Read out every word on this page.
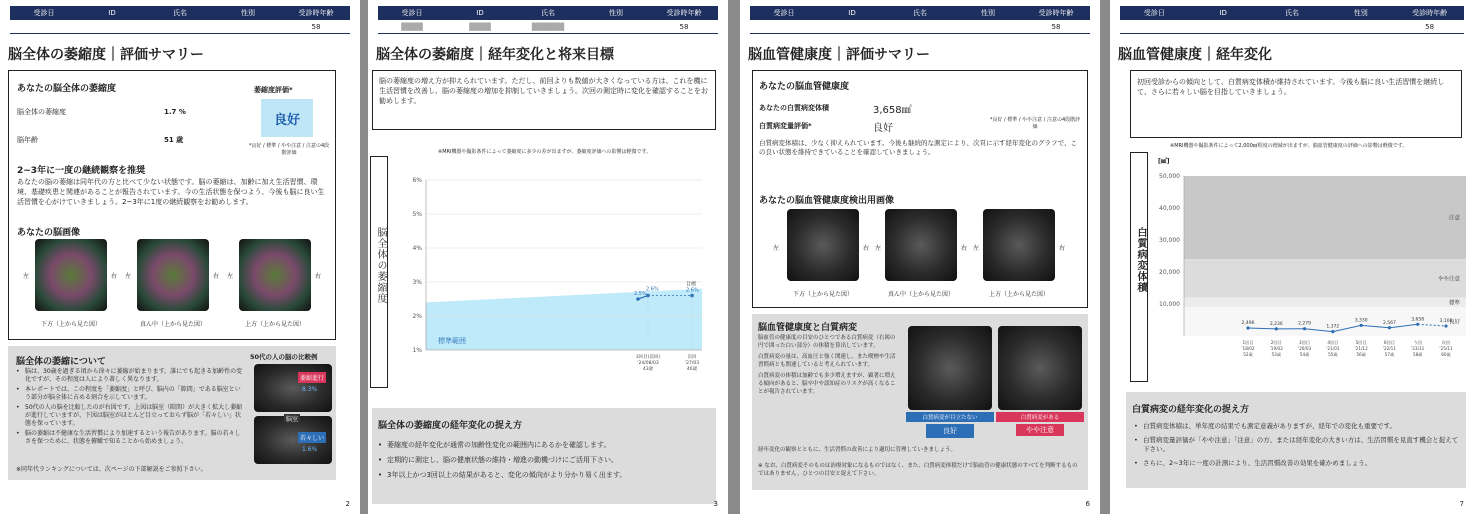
受診日	ID	氏名	性別	受診時年齢
58
脳全体の萎縮度｜評価サマリー
あなたの脳全体の萎縮度
脳全体の萎縮度	1.7 %
脳年齢	51 歳
萎縮度評価*
良好
*良好 / 標準 / やや注意 / 注意の4段階評価
2~3年に一度の継続観察を推奨
あなたの脳の萎縮は同年代の方と比べて少ない状態です。脳の萎縮は、加齢に加え生活習慣、環境、基礎疾患と関連があることが報告されています。今の生活状態を保つよう、今後も脳に良い生活習慣を心がけていきましょう。2~3年に1度の継続観察をお勧めします。
あなたの脳画像
左	右 左	右 左	右
下方（上から見た図）	真ん中（上から見た図）	上方（上から見た図）
脳全体の萎縮について
• 脳は、30歳を過ぎる頃から徐々に萎縮が始まります。誰にでも起きる加齢性の変化ですが、その程度は人により著しく異なります。
• 本レポートでは、この程度を「萎縮度」と呼び、脳内の「隙間」である脳室という部分が脳全体に占める割合を示しています。
• 50代の人の脳を比較したのが右図です。上図は脳室（隙間）が大きく拡大し萎縮が進行していますが、下図は脳室がほとんど目立っておらず脳が「若々しい」状態を保っています。
• 脳の萎縮は不健康な生活習慣により加速するという報告があります。脳の若々しさを保つために、状態を俯瞰で知ることから始めましょう。
※同年代ランキングについては、次ページの下部解説をご参照下さい。
50代の人の脳の比較例
萎縮進行
8.3%
脳室
若々しい
1.6%
2
受診日	ID	氏名	性別	受診時年齢
████	████	██████	58
脳全体の萎縮度｜経年変化と将来目標
脳の萎縮度の増え方が抑えられています。ただし、前回よりも数値が大きくなっている方は、これを機に生活習慣を改善し、脳の萎縮度の増加を抑制していきましょう。次回の測定時に変化を確認することをお勧めします。
※MRI機器や撮影条件によって萎縮度に多少の差が出ますが、萎縮度評価への影響は軽微です。
脳全体の萎縮度
1%
2%
3%
4%
5%
6%
2.5%
2.6%
目標
2.6%
3回目(前回)
'24/08/03
43歳
次回
'27/03
46歳
標準範囲
脳全体の萎縮度の経年変化の捉え方
• 萎縮度の経年変化が通常の加齢性変化の範囲内にあるかを確認します。
• 定期的に測定し、脳の健康状態の維持・増進の動機づけにご活用下さい。
• 3年以上かつ3回以上の結果があると、変化の傾向がより分かり易く出ます。
3
受診日	ID	氏名	性別	受診時年齢
58
脳血管健康度｜評価サマリー
あなたの脳血管健康度
あなたの白質病変体積	3,658㎣
白質病変量評価*	良好
*良好 / 標準 / やや注意 / 注意の4段階評価
白質病変体積は、少なく抑えられています。今後も継続的な測定により、次頁に示す経年変化のグラフで、この良い状態を維持できていることを確認していきましょう。
あなたの脳血管健康度検出用画像
左	右 左	右 左	右
下方（上から見た図）	真ん中（上から見た図）	上方（上から見た図）
脳血管健康度と白質病変

脳血管の健康度の目安のひとつである白質病変（右図の円で囲った白い部分）の体積を算出しています。

白質病変の量は、高血圧と強く関連し、また喫煙や生活習慣病とも関連していると考えられています。

白質病変の体積は加齢でも多少増えますが、顕著に増える傾向があると、脳卒中や認知症のリスクが高くなることが報告されています。

経年変化の観察とともに、生活習慣の改善により適切に管理していきましょう。
※ なお、白質病変そのものは治療対象になるものではなく、また、白質病変体積だけで脳血管の健康状態のすべてを判断するものではありません。ひとつの目安と捉えて下さい。
白質病変が目立たない
良好
白質病変がある
やや注意
6
受診日	ID	氏名	性別	受診時年齢
58
脳血管健康度｜経年変化
初回受診からの傾向として、白質病変体積が維持されています。今後も脳に良い生活習慣を継続して、さらに若々しい脳を目指していきましょう。
※MRI機器や撮影条件によって2,000㎣程度の増減が出ますが、脳血管健康度の評価への影響は軽微です。
白質病変体積
[㎣]
注意
やや注意
標準
良好
10,000
20,000
30,000
40,000
50,000
2,496
1回目
'18/02
52歳
2,236
2回目
'19/02
53歳
2,279
3回目
'20/03
54歳
1,372
4回目
'21/01
55歳
3,330
5回目
'21/12
56歳
2,567
6回目
'22/11
57歳
3,658
今回
'23/11
58歳
3,108
次回
'25/11
60歳
白質病変の経年変化の捉え方
• 白質病変体積は、単年度の結果でも測定意義がありますが、経年での変化も重要です。
• 白質病変量評価が「やや注意」「注意」の方、または経年変化の大きい方は、生活習慣を見直す機会と捉えて下さい。
• さらに、2~3年に一度の計測により、生活習慣改善の効果を確かめましょう。
7
